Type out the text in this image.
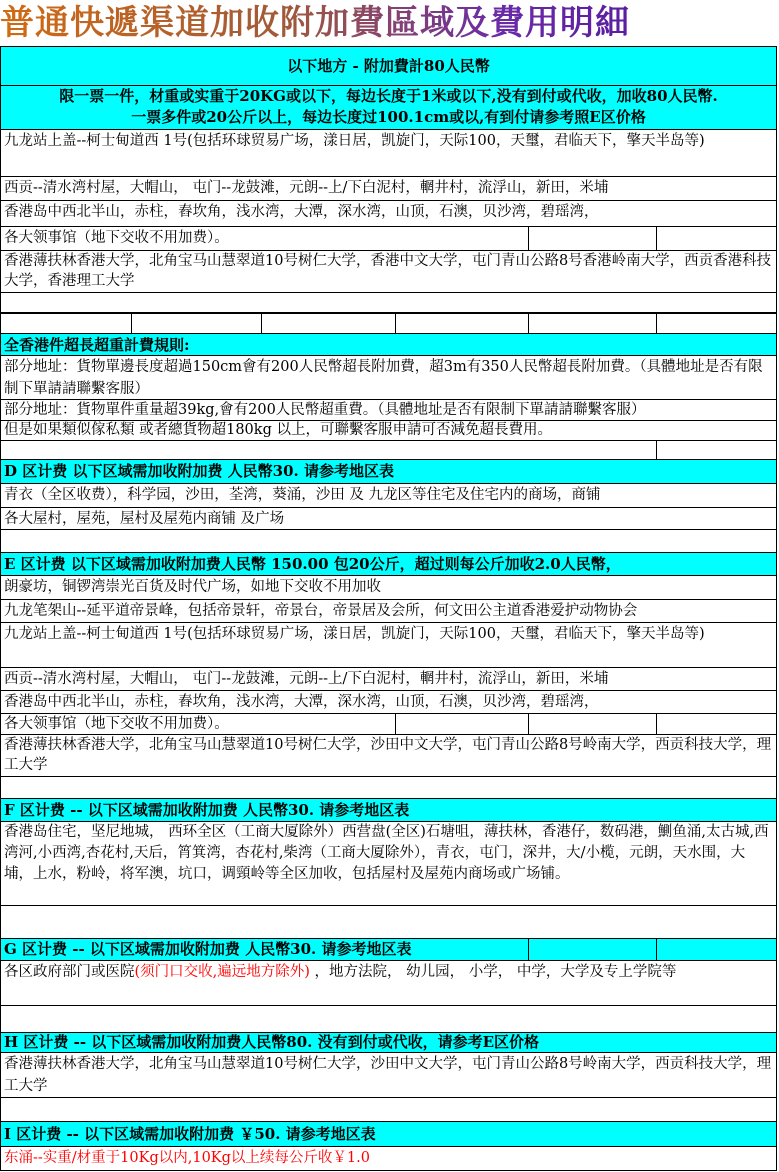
普通快遞渠道加收附加費區域及費用明細
以下地方 - 附加費計80人民幣
限一票一件，材重或实重于20KG或以下，每边长度于1米或以下,没有到付或代收，加收80人民幣.
一票多件或20公斤以上，每边长度过100.1cm或以,有到付请参考照E区价格
九龙站上盖--柯士甸道西 1号(包括环球贸易广场，漾日居，凯旋门，天际100，天璽，君临天下，擎天半岛等)
西贡--清水湾村屋，大帽山， 屯门--龙鼓滩，元朗--上/下白泥村，輞井村，流浮山，新田，米埔
香港岛中西北半山，赤柱，舂坎角，浅水湾，大潭，深水湾，山顶，石澳，贝沙湾，碧瑶湾，
各大领事馆（地下交收不用加费）。
香港薄扶林香港大学，北角宝马山慧翠道10号树仁大学，香港中文大学，屯门青山公路8号香港岭南大学，西贡香港科技大学，香港理工大学
全香港件超長超重計費規則:
部分地址：貨物單邊長度超過150cm會有200人民幣超長附加費，超3m有350人民幣超長附加費。（具體地址是否有限制下單請請聯繫客服）
部分地址：貨物單件重量超39kg,會有200人民幣超重費。（具體地址是否有限制下單請請聯繫客服）
但是如果類似傢私類 或者總貨物超180kg 以上，可聯繫客服申請可否減免超長費用。
D 区计费 以下区域需加收附加费 人民幣30. 请参考地区表
青衣（全区收费），科学园，沙田，荃湾，葵涌，沙田 及 九龙区等住宅及住宅内的商场，商铺
各大屋村，屋苑，屋村及屋苑内商铺 及广场
E 区计费 以下区域需加收附加费人民幣 150.00 包20公斤，超过则每公斤加收2.0人民幣，
朗豪坊，铜锣湾崇光百货及时代广场，如地下交收不用加收
九龙笔架山--延平道帝景峰，包括帝景轩，帝景台，帝景居及会所，何文田公主道香港爱护动物协会
九龙站上盖--柯士甸道西 1号(包括环球贸易广场，漾日居，凯旋门，天际100，天璽，君临天下，擎天半岛等)
西贡--清水湾村屋，大帽山， 屯门--龙鼓滩，元朗--上/下白泥村，輞井村，流浮山，新田，米埔
香港岛中西北半山，赤柱，舂坎角，浅水湾，大潭，深水湾，山顶，石澳，贝沙湾，碧瑶湾，
各大领事馆（地下交收不用加费）。
香港薄扶林香港大学，北角宝马山慧翠道10号树仁大学，沙田中文大学，屯门青山公路8号岭南大学，西贡科技大学，理工大学
F 区计费 -- 以下区域需加收附加费 人民幣30. 请参考地区表
香港岛住宅，坚尼地城， 西环全区（工商大厦除外）西营盘(全区)石塘咀，薄扶林，香港仔，数码港，鰂鱼涌,太古城,西湾河,小西湾,杏花村,天后，筲箕湾，杏花村,柴湾（工商大厦除外），青衣，屯门，深井，大/小榄，元朗，天水围，大埔，上水，粉岭，将军澳，坑口，调頸岭等全区加收，包括屋村及屋苑内商场或广场铺。
G 区计费 -- 以下区域需加收附加费 人民幣30. 请参考地区表
各区政府部门或医院(须门口交收,遍远地方除外) ，地方法院， 幼儿园， 小学， 中学，大学及专上学院等
H 区计费 -- 以下区域需加收附加费人民幣80. 没有到付或代收，请参考E区价格
香港薄扶林香港大学，北角宝马山慧翠道10号树仁大学，沙田中文大学，屯门青山公路8号岭南大学，西贡科技大学，理工大学
I 区计费 -- 以下区域需加收附加费 ￥50. 请参考地区表
东涌--实重/材重于10Kg以内,10Kg以上续每公斤收￥1.0
